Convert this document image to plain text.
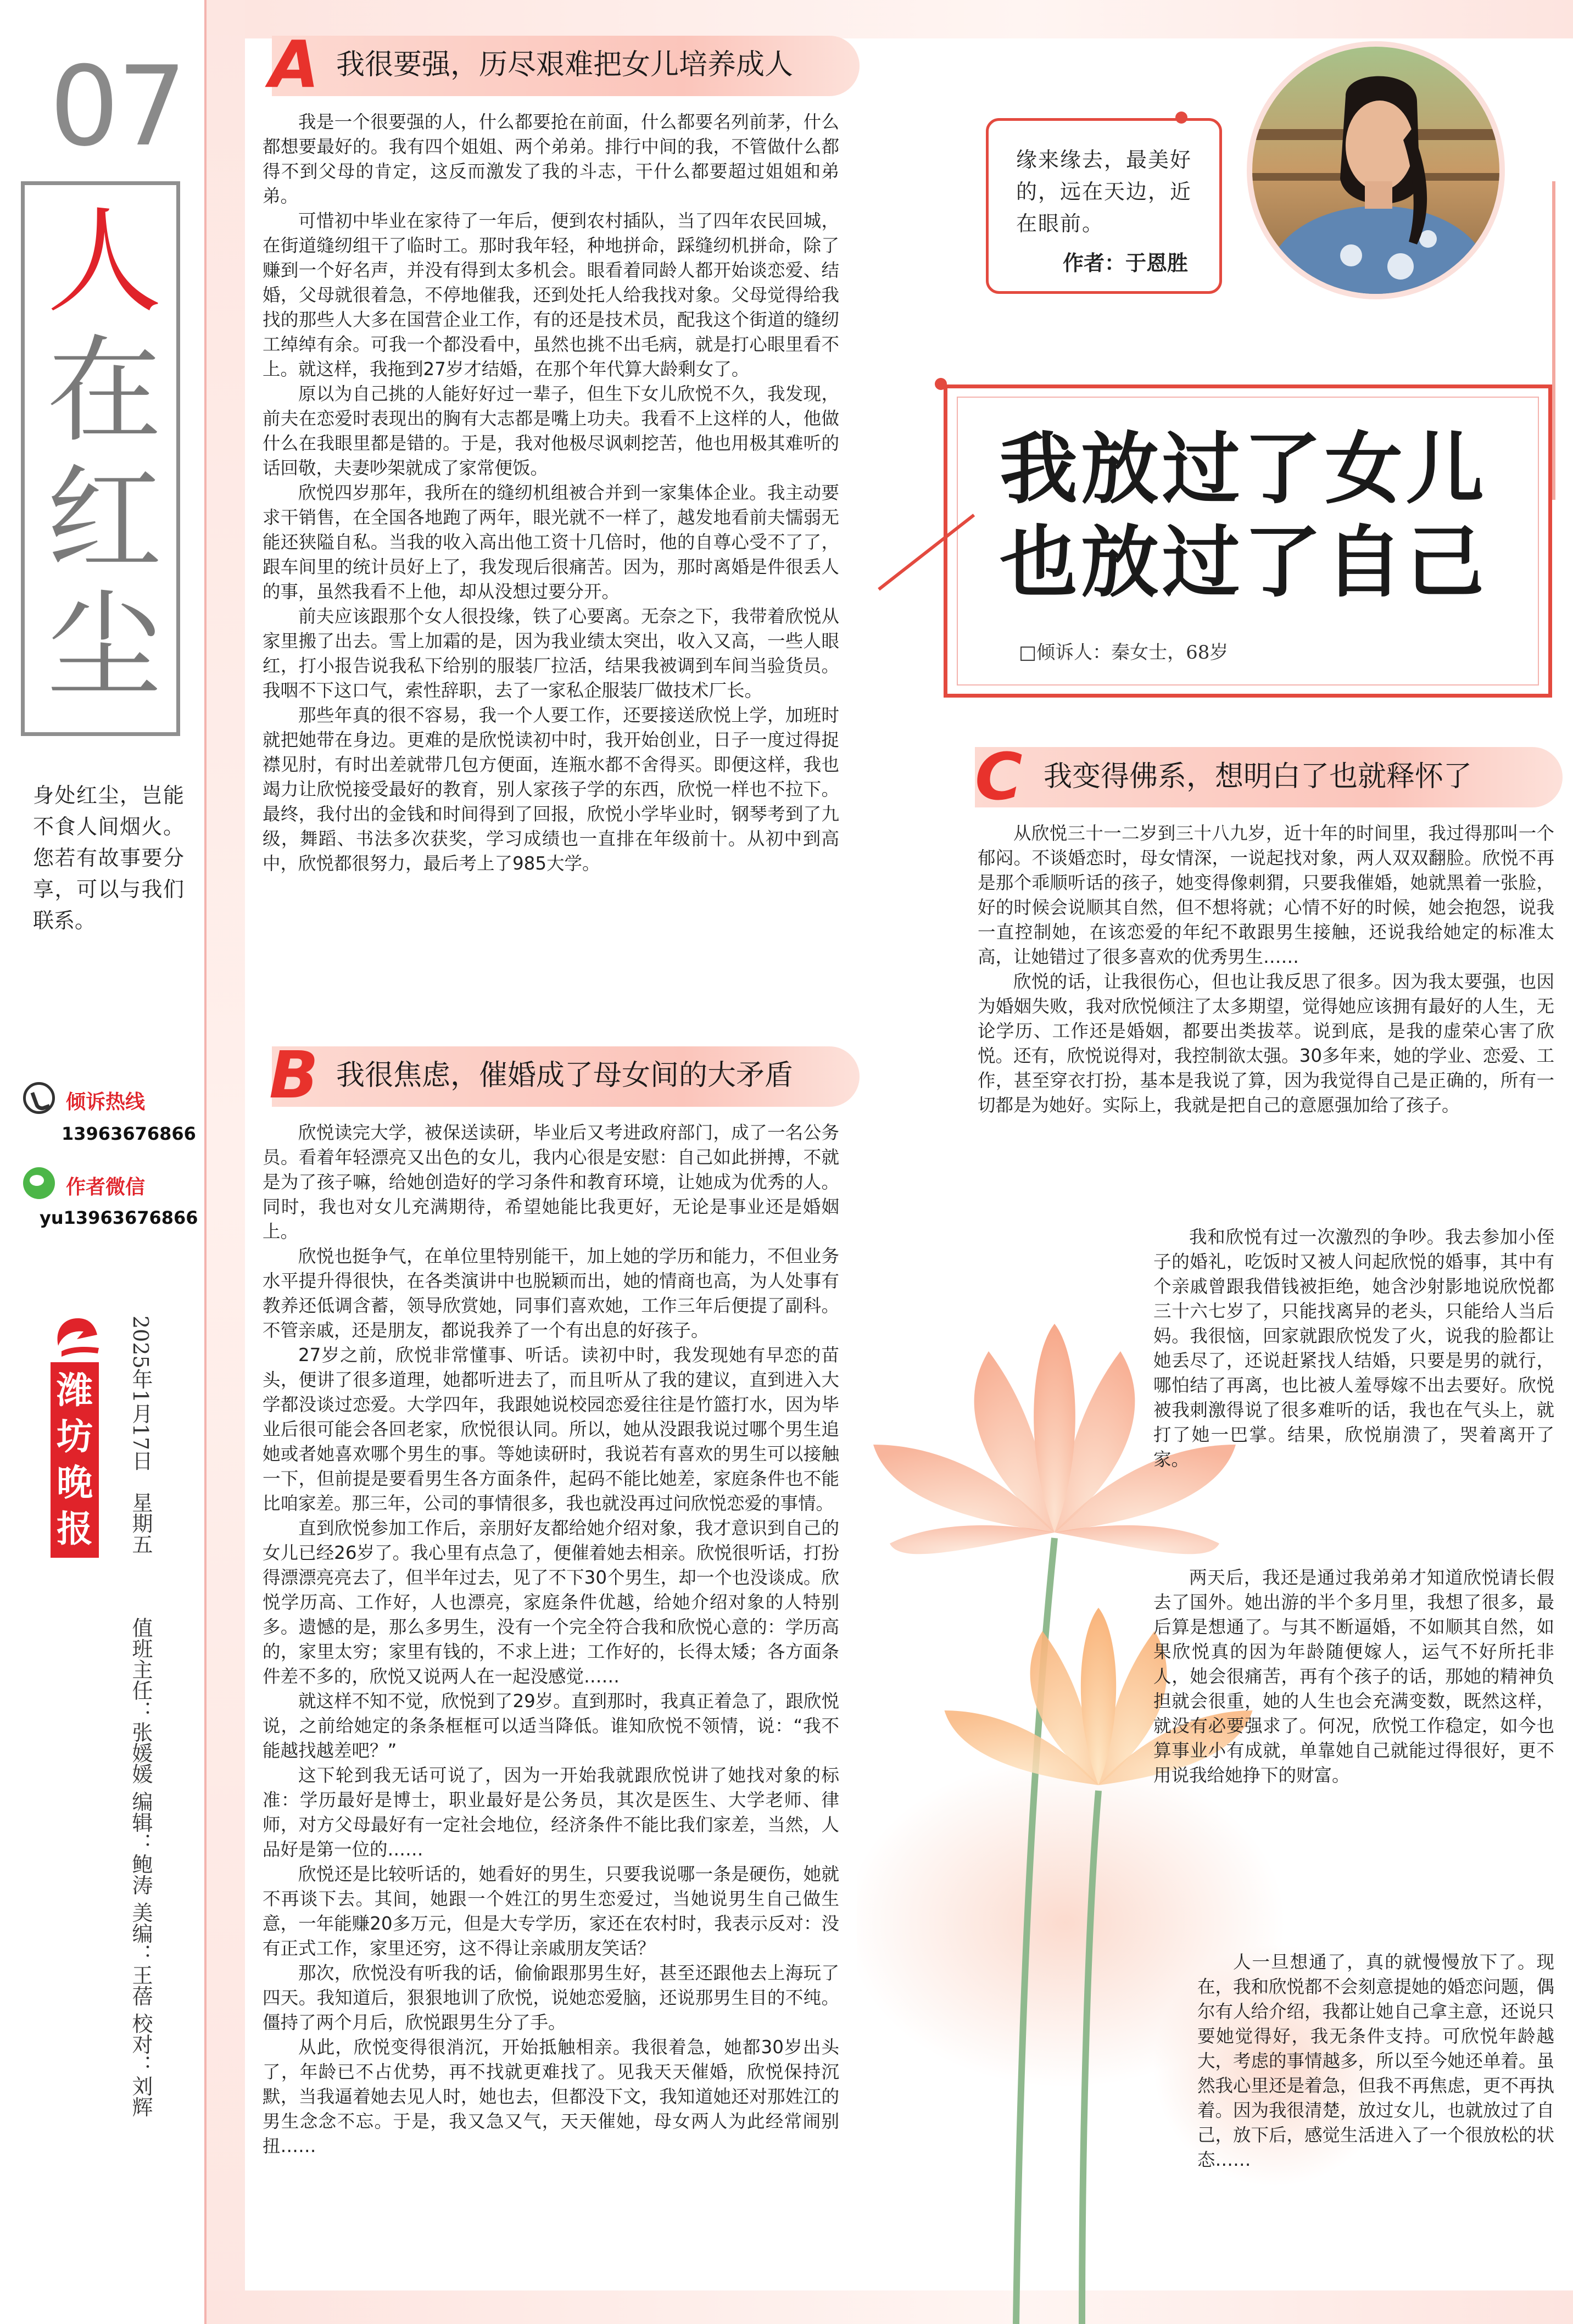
07
人
在
红
尘
身处红尘，岂能不食人间烟火。您若有故事要分享，可以与我们联系。
倾诉热线
13963676866
作者微信
yu13963676866
潍坊晚报
2025年1月17日　星期五　　　值班主任：张媛媛 编辑：鲍涛 美编：王蓓 校对：刘辉
A 我很要强，历尽艰难把女儿培养成人

我是一个很要强的人，什么都要抢在前面，什么都要名列前茅，什么都想要最好的。我有四个姐姐、两个弟弟。排行中间的我，不管做什么都得不到父母的肯定，这反而激发了我的斗志，干什么都要超过姐姐和弟弟。

可惜初中毕业在家待了一年后，便到农村插队，当了四年农民回城，在街道缝纫组干了临时工。那时我年轻，种地拼命，踩缝纫机拼命，除了赚到一个好名声，并没有得到太多机会。眼看着同龄人都开始谈恋爱、结婚，父母就很着急，不停地催我，还到处托人给我找对象。父母觉得给我找的那些人大多在国营企业工作，有的还是技术员，配我这个街道的缝纫工绰绰有余。可我一个都没看中，虽然也挑不出毛病，就是打心眼里看不上。就这样，我拖到27岁才结婚，在那个年代算大龄剩女了。

原以为自己挑的人能好好过一辈子，但生下女儿欣悦不久，我发现，前夫在恋爱时表现出的胸有大志都是嘴上功夫。我看不上这样的人，他做什么在我眼里都是错的。于是，我对他极尽讽刺挖苦，他也用极其难听的话回敬，夫妻吵架就成了家常便饭。

欣悦四岁那年，我所在的缝纫机组被合并到一家集体企业。我主动要求干销售，在全国各地跑了两年，眼光就不一样了，越发地看前夫懦弱无能还狭隘自私。当我的收入高出他工资十几倍时，他的自尊心受不了了，跟车间里的统计员好上了，我发现后很痛苦。因为，那时离婚是件很丢人的事，虽然我看不上他，却从没想过要分开。

前夫应该跟那个女人很投缘，铁了心要离。无奈之下，我带着欣悦从家里搬了出去。雪上加霜的是，因为我业绩太突出，收入又高，一些人眼红，打小报告说我私下给别的服装厂拉活，结果我被调到车间当验货员。我咽不下这口气，索性辞职，去了一家私企服装厂做技术厂长。

那些年真的很不容易，我一个人要工作，还要接送欣悦上学，加班时就把她带在身边。更难的是欣悦读初中时，我开始创业，日子一度过得捉襟见肘，有时出差就带几包方便面，连瓶水都不舍得买。即便这样，我也竭力让欣悦接受最好的教育，别人家孩子学的东西，欣悦一样也不拉下。最终，我付出的金钱和时间得到了回报，欣悦小学毕业时，钢琴考到了九级，舞蹈、书法多次获奖，学习成绩也一直排在年级前十。从初中到高中，欣悦都很努力，最后考上了985大学。

B 我很焦虑，催婚成了母女间的大矛盾

欣悦读完大学，被保送读研，毕业后又考进政府部门，成了一名公务员。看着年轻漂亮又出色的女儿，我内心很是安慰：自己如此拼搏，不就是为了孩子嘛，给她创造好的学习条件和教育环境，让她成为优秀的人。同时，我也对女儿充满期待，希望她能比我更好，无论是事业还是婚姻上。

欣悦也挺争气，在单位里特别能干，加上她的学历和能力，不但业务水平提升得很快，在各类演讲中也脱颖而出，她的情商也高，为人处事有教养还低调含蓄，领导欣赏她，同事们喜欢她，工作三年后便提了副科。不管亲戚，还是朋友，都说我养了一个有出息的好孩子。

27岁之前，欣悦非常懂事、听话。读初中时，我发现她有早恋的苗头，便讲了很多道理，她都听进去了，而且听从了我的建议，直到进入大学都没谈过恋爱。大学四年，我跟她说校园恋爱往往是竹篮打水，因为毕业后很可能会各回老家，欣悦很认同。所以，她从没跟我说过哪个男生追她或者她喜欢哪个男生的事。等她读研时，我说若有喜欢的男生可以接触一下，但前提是要看男生各方面条件，起码不能比她差，家庭条件也不能比咱家差。那三年，公司的事情很多，我也就没再过问欣悦恋爱的事情。

直到欣悦参加工作后，亲朋好友都给她介绍对象，我才意识到自己的女儿已经26岁了。我心里有点急了，便催着她去相亲。欣悦很听话，打扮得漂漂亮亮去了，但半年过去，见了不下30个男生，却一个也没谈成。欣悦学历高、工作好，人也漂亮，家庭条件优越，给她介绍对象的人特别多。遗憾的是，那么多男生，没有一个完全符合我和欣悦心意的：学历高的，家里太穷；家里有钱的，不求上进；工作好的，长得太矮；各方面条件差不多的，欣悦又说两人在一起没感觉……

就这样不知不觉，欣悦到了29岁。直到那时，我真正着急了，跟欣悦说，之前给她定的条条框框可以适当降低。谁知欣悦不领情，说：“我不能越找越差吧？”

这下轮到我无话可说了，因为一开始我就跟欣悦讲了她找对象的标准：学历最好是博士，职业最好是公务员，其次是医生、大学老师、律师，对方父母最好有一定社会地位，经济条件不能比我们家差，当然，人品好是第一位的……

欣悦还是比较听话的，她看好的男生，只要我说哪一条是硬伤，她就不再谈下去。其间，她跟一个姓江的男生恋爱过，当她说男生自己做生意，一年能赚20多万元，但是大专学历，家还在农村时，我表示反对：没有正式工作，家里还穷，这不得让亲戚朋友笑话？

那次，欣悦没有听我的话，偷偷跟那男生好，甚至还跟他去上海玩了四天。我知道后，狠狠地训了欣悦，说她恋爱脑，还说那男生目的不纯。僵持了两个月后，欣悦跟男生分了手。

从此，欣悦变得很消沉，开始抵触相亲。我很着急，她都30岁出头了，年龄已不占优势，再不找就更难找了。见我天天催婚，欣悦保持沉默，当我逼着她去见人时，她也去，但都没下文，我知道她还对那姓江的男生念念不忘。于是，我又急又气，天天催她，母女两人为此经常闹别扭……

缘来缘去，最美好的，远在天边，近在眼前。
作者：于恩胜
我放过了女儿
也放过了自己
□倾诉人：秦女士，68岁
C 我变得佛系，想明白了也就释怀了

从欣悦三十一二岁到三十八九岁，近十年的时间里，我过得那叫一个郁闷。不谈婚恋时，母女情深，一说起找对象，两人双双翻脸。欣悦不再是那个乖顺听话的孩子，她变得像刺猬，只要我催婚，她就黑着一张脸，好的时候会说顺其自然，但不想将就；心情不好的时候，她会抱怨，说我一直控制她，在该恋爱的年纪不敢跟男生接触，还说我给她定的标准太高，让她错过了很多喜欢的优秀男生……

欣悦的话，让我很伤心，但也让我反思了很多。因为我太要强，也因为婚姻失败，我对欣悦倾注了太多期望，觉得她应该拥有最好的人生，无论学历、工作还是婚姻，都要出类拔萃。说到底，是我的虚荣心害了欣悦。还有，欣悦说得对，我控制欲太强。30多年来，她的学业、恋爱、工作，甚至穿衣打扮，基本是我说了算，因为我觉得自己是正确的，所有一切都是为她好。实际上，我就是把自己的意愿强加给了孩子。

我和欣悦有过一次激烈的争吵。我去参加小侄子的婚礼，吃饭时又被人问起欣悦的婚事，其中有个亲戚曾跟我借钱被拒绝，她含沙射影地说欣悦都三十六七岁了，只能找离异的老头，只能给人当后妈。我很恼，回家就跟欣悦发了火，说我的脸都让她丢尽了，还说赶紧找人结婚，只要是男的就行，哪怕结了再离，也比被人羞辱嫁不出去要好。欣悦被我刺激得说了很多难听的话，我也在气头上，就打了她一巴掌。结果，欣悦崩溃了，哭着离开了家。

两天后，我还是通过我弟弟才知道欣悦请长假去了国外。她出游的半个多月里，我想了很多，最后算是想通了。与其不断逼婚，不如顺其自然，如果欣悦真的因为年龄随便嫁人，运气不好所托非人，她会很痛苦，再有个孩子的话，那她的精神负担就会很重，她的人生也会充满变数，既然这样，就没有必要强求了。何况，欣悦工作稳定，如今也算事业小有成就，单靠她自己就能过得很好，更不用说我给她挣下的财富。

人一旦想通了，真的就慢慢放下了。现在，我和欣悦都不会刻意提她的婚恋问题，偶尔有人给介绍，我都让她自己拿主意，还说只要她觉得好，我无条件支持。可欣悦年龄越大，考虑的事情越多，所以至今她还单着。虽然我心里还是着急，但我不再焦虑，更不再执着。因为我很清楚，放过女儿，也就放过了自己，放下后，感觉生活进入了一个很放松的状态……
